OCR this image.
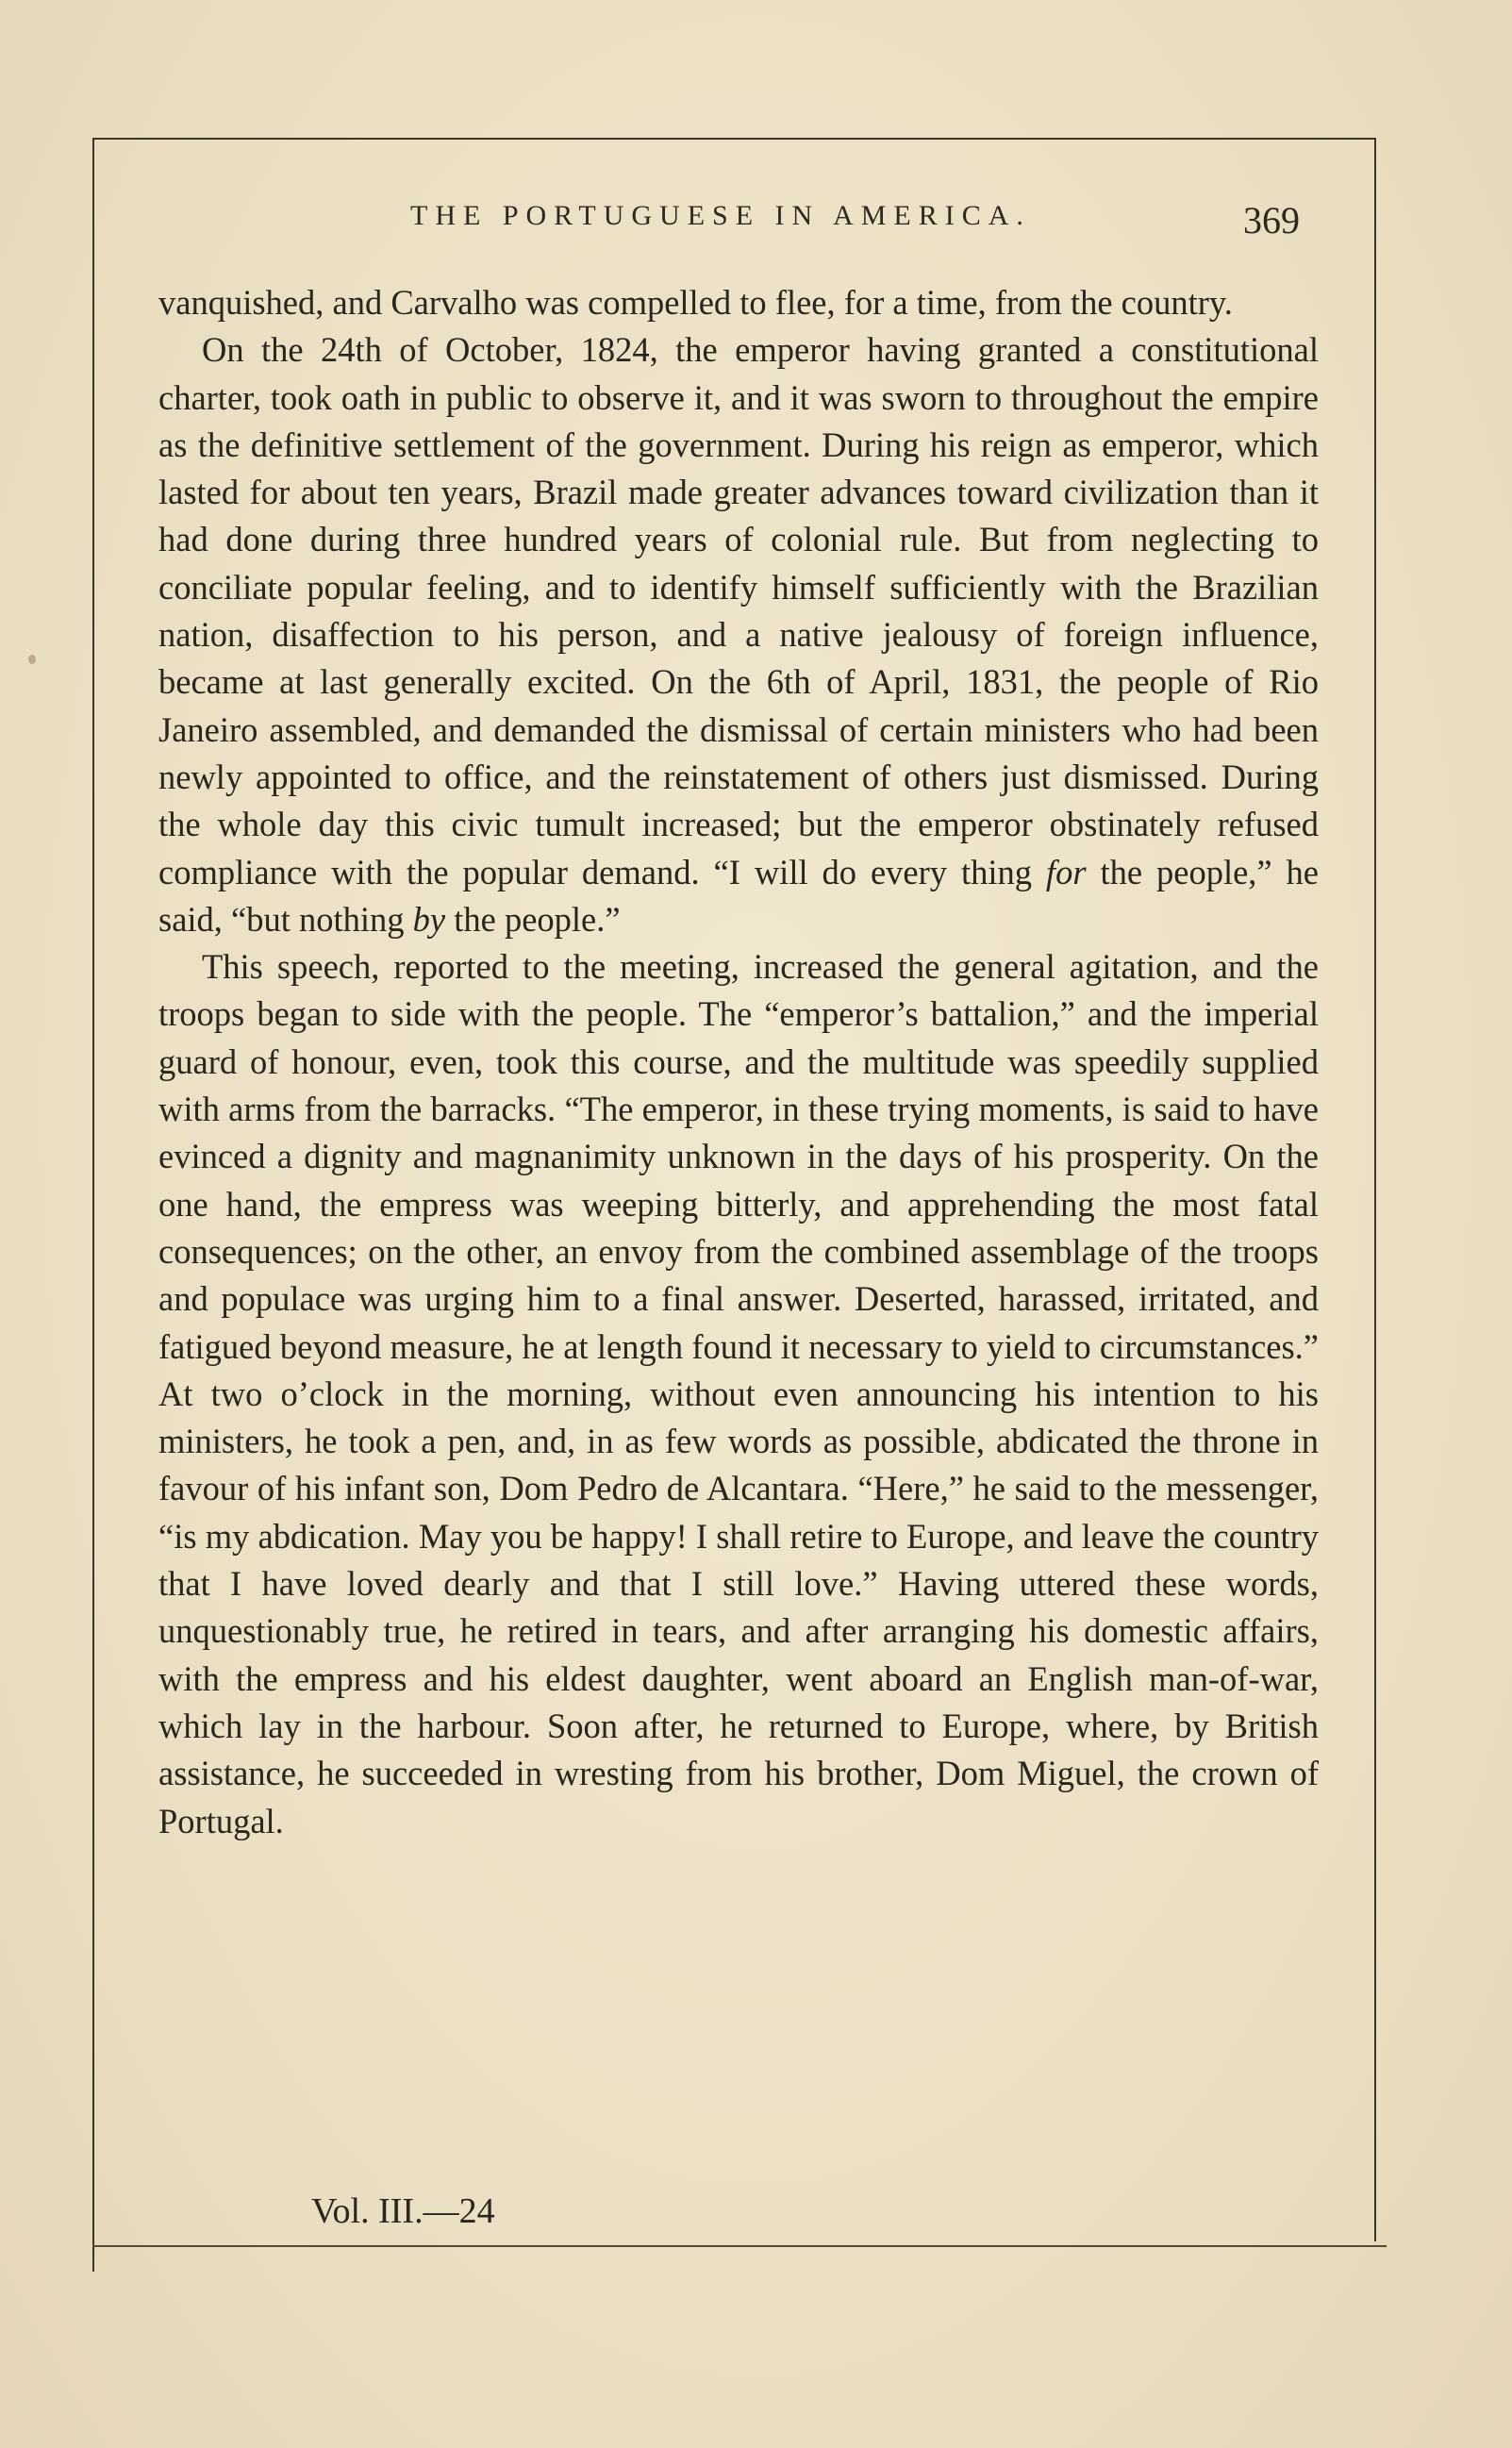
THE PORTUGUESE IN AMERICA.	369

vanquished, and Carvalho was compelled to flee, for a time, from the country.

On the 24th of October, 1824, the emperor having granted a constitutional charter, took oath in public to observe it, and it was sworn to throughout the empire as the definitive settlement of the government. During his reign as emperor, which lasted for about ten years, Brazil made greater advances toward civilization than it had done during three hundred years of colonial rule. But from neglecting to conciliate popular feeling, and to identify himself sufficiently with the Brazilian nation, disaffection to his person, and a native jealousy of foreign influence, became at last generally excited. On the 6th of April, 1831, the people of Rio Janeiro assembled, and demanded the dismissal of certain ministers who had been newly appointed to office, and the reinstatement of others just dismissed. During the whole day this civic tumult increased; but the emperor obstinately refused compliance with the popular demand. “I will do every thing for the people,” he said, “but nothing by the people.”

This speech, reported to the meeting, increased the general agitation, and the troops began to side with the people. The “emperor’s battalion,” and the imperial guard of honour, even, took this course, and the multitude was speedily supplied with arms from the barracks. “The emperor, in these trying moments, is said to have evinced a dignity and magnanimity unknown in the days of his prosperity. On the one hand, the empress was weeping bitterly, and apprehending the most fatal consequences; on the other, an envoy from the combined assemblage of the troops and populace was urging him to a final answer. Deserted, harassed, irritated, and fatigued beyond measure, he at length found it necessary to yield to circumstances.” At two o’clock in the morning, without even announcing his intention to his ministers, he took a pen, and, in as few words as possible, abdicated the throne in favour of his infant son, Dom Pedro de Alcantara. “Here,” he said to the messenger, “is my abdication. May you be happy! I shall retire to Europe, and leave the country that I have loved dearly and that I still love.” Having uttered these words, unquestionably true, he retired in tears, and after arranging his domestic affairs, with the empress and his eldest daughter, went aboard an English man-of-war, which lay in the harbour. Soon after, he returned to Europe, where, by British assistance, he succeeded in wresting from his brother, Dom Miguel, the crown of Portugal.

Vol. III.—24
